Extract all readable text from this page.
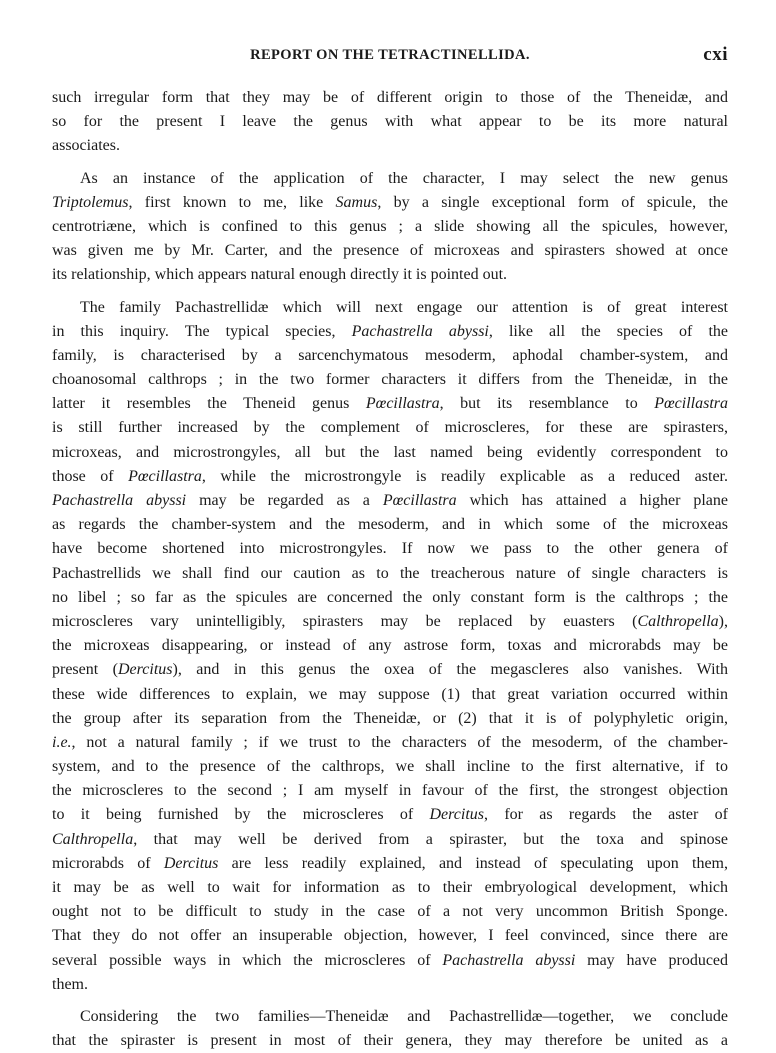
REPORT ON THE TETRACTINELLIDA.	cxi
such irregular form that they may be of different origin to those of the Theneidæ, and
so for the present I leave the genus with what appear to be its more natural
associates.
As an instance of the application of the character, I may select the new genus
Triptolemus, first known to me, like Samus, by a single exceptional form of spicule, the
centrotriæne, which is confined to this genus ; a slide showing all the spicules, however,
was given me by Mr. Carter, and the presence of microxeas and spirasters showed at once
its relationship, which appears natural enough directly it is pointed out.
The family Pachastrellidæ which will next engage our attention is of great interest
in this inquiry. The typical species, Pachastrella abyssi, like all the species of the
family, is characterised by a sarcenchymatous mesoderm, aphodal chamber-system, and
choanosomal calthrops ; in the two former characters it differs from the Theneidæ, in the
latter it resembles the Theneid genus Pœcillastra, but its resemblance to Pœcillastra
is still further increased by the complement of microscleres, for these are spirasters,
microxeas, and microstrongyles, all but the last named being evidently correspondent to
those of Pœcillastra, while the microstrongyle is readily explicable as a reduced aster.
Pachastrella abyssi may be regarded as a Pœcillastra which has attained a higher plane
as regards the chamber-system and the mesoderm, and in which some of the microxeas
have become shortened into microstrongyles. If now we pass to the other genera of
Pachastrellids we shall find our caution as to the treacherous nature of single characters is
no libel ; so far as the spicules are concerned the only constant form is the calthrops ; the
microscleres vary unintelligibly, spirasters may be replaced by euasters (Calthropella),
the microxeas disappearing, or instead of any astrose form, toxas and microrabds may be
present (Dercitus), and in this genus the oxea of the megascleres also vanishes. With
these wide differences to explain, we may suppose (1) that great variation occurred within
the group after its separation from the Theneidæ, or (2) that it is of polyphyletic origin,
i.e., not a natural family ; if we trust to the characters of the mesoderm, of the chamber-
system, and to the presence of the calthrops, we shall incline to the first alternative, if to
the microscleres to the second ; I am myself in favour of the first, the strongest objection
to it being furnished by the microscleres of Dercitus, for as regards the aster of
Calthropella, that may well be derived from a spiraster, but the toxa and spinose
microrabds of Dercitus are less readily explained, and instead of speculating upon them,
it may be as well to wait for information as to their embryological development, which
ought not to be difficult to study in the case of a not very uncommon British Sponge.
That they do not offer an insuperable objection, however, I feel convinced, since there are
several possible ways in which the microscleres of Pachastrella abyssi may have produced
them.
Considering the two families—Theneidæ and Pachastrellidæ—together, we conclude
that the spiraster is present in most of their genera, they may therefore be united as a
